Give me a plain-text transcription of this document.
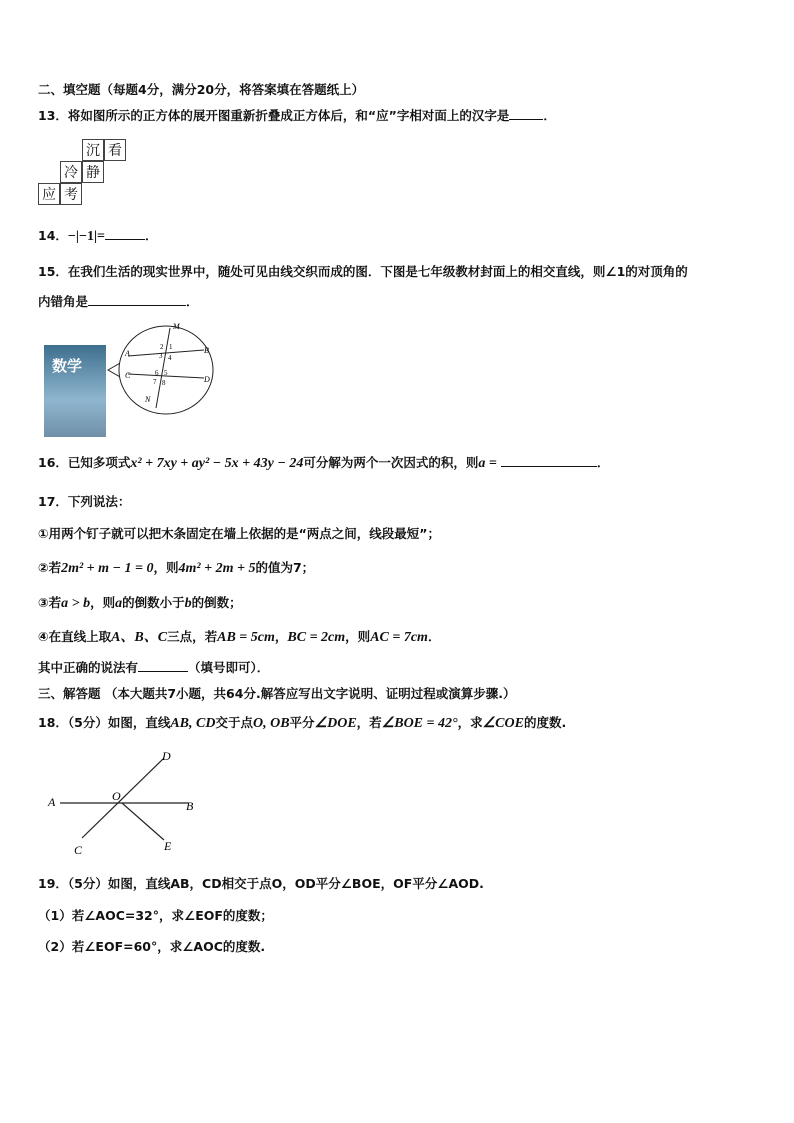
二、填空题（每题4分，满分20分，将答案填在答题纸上）
13．将如图所示的正方体的展开图重新折叠成正方体后，和“应”字相对面上的汉字是	．
		沉	看
	冷	静	
应	考		
14．−|−1|=	．
15．在我们生活的现实世界中，随处可见由线交织而成的图．下图是七年级教材封面上的相交直线，则∠1的对顶角的
内错角是	．
数学
M
A	B
C	D
N
2 1
3 4
6 5
7 8
16．已知多项式x² + 7xy + ay² − 5x + 43y − 24可分解为两个一次因式的积，则a =	．
17．下列说法：
①用两个钉子就可以把木条固定在墙上依据的是“两点之间，线段最短”；
②若2m² + m − 1 = 0，则4m² + 2m + 5的值为7；
③若a > b，则a的倒数小于b的倒数；
④在直线上取A、B、C三点，若AB = 5cm，BC = 2cm，则AC = 7cm．
其中正确的说法有	（填号即可）．
三、解答题 （本大题共7小题，共64分.解答应写出文字说明、证明过程或演算步骤.）
18．（5分）如图，直线AB, CD交于点O, OB平分∠DOE，若∠BOE = 42°，求∠COE的度数.
A	B
C
D
E
O
19．（5分）如图，直线AB，CD相交于点O，OD平分∠BOE，OF平分∠AOD.
（1）若∠AOC=32°，求∠EOF的度数；
（2）若∠EOF=60°，求∠AOC的度数.
